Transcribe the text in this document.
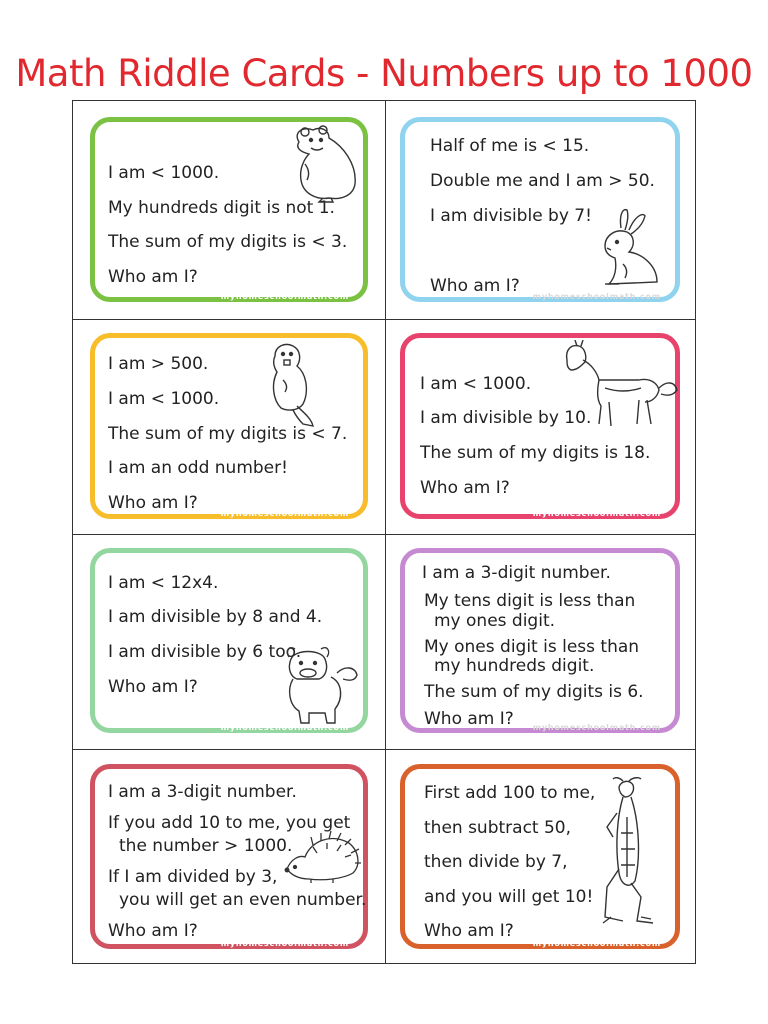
Math Riddle Cards - Numbers up to 1000
I am < 1000.
My hundreds digit is not 1.
The sum of my digits is < 3.
Who am I?
myhomeschoolmath.com
Half of me is < 15.
Double me and I am > 50.
I am divisible by 7!
Who am I?
myhomeschoolmath.com
I am > 500.
I am < 1000.
The sum of my digits is < 7.
I am an odd number!
Who am I?
myhomeschoolmath.com
I am < 1000.
I am divisible by 10.
The sum of my digits is 18.
Who am I?
myhomeschoolmath.com
I am < 12x4.
I am divisible by 8 and 4.
I am divisible by 6 too.
Who am I?
myhomeschoolmath.com
I am a 3-digit number.
My tens digit is less than
my ones digit.
My ones digit is less than
my hundreds digit.
The sum of my digits is 6.
Who am I? myhomeschoolmath.com
I am a 3-digit number.
If you add 10 to me, you get
the number > 1000.
If I am divided by 3,
you will get an even number.
Who am I?
myhomeschoolmath.com
First add 100 to me,
then subtract 50,
then divide by 7,
and you will get 10!
Who am I?
myhomeschoolmath.com
